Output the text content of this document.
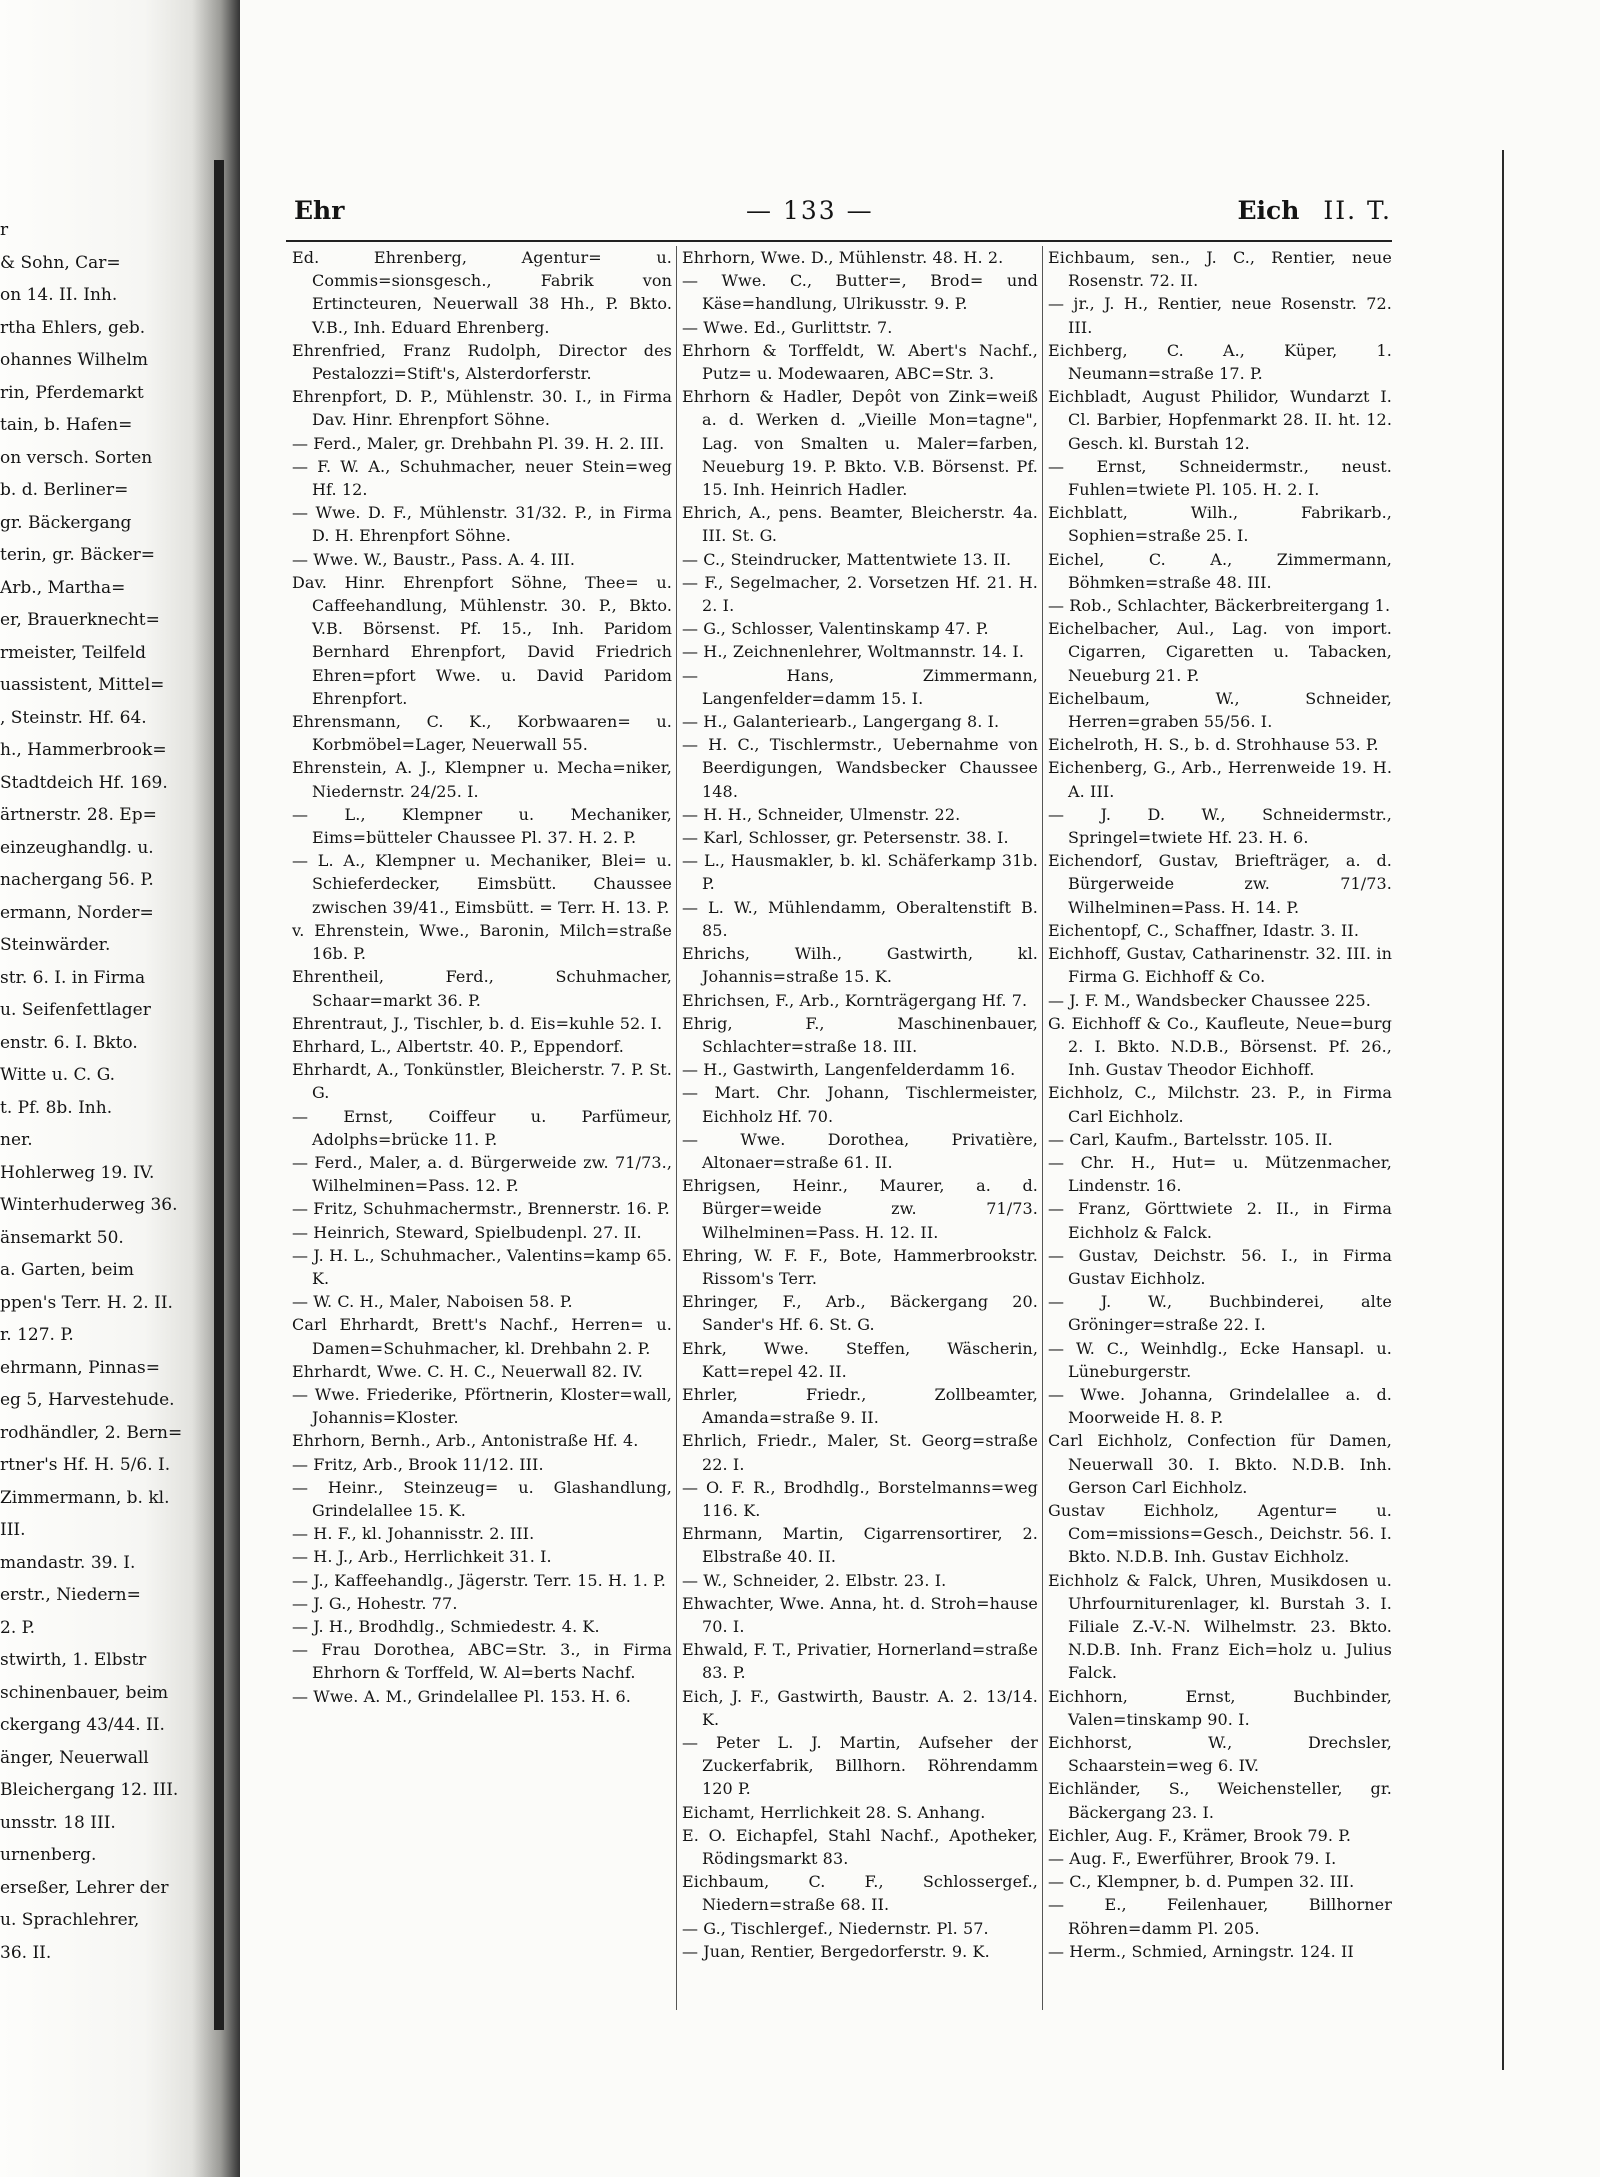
r
& Sohn, Car=
on 14. II. Inh.
rtha Ehlers, geb.
ohannes Wilhelm
rin, Pferdemarkt
tain, b. Hafen=
on versch. Sorten
b. d. Berliner=
gr. Bäckergang
terin, gr. Bäcker=
Arb., Martha=
er, Brauerknecht=
rmeister, Teilfeld
uassistent, Mittel=
, Steinstr. Hf. 64.
h., Hammerbrook=
Stadtdeich Hf. 169.
ärtnerstr. 28. Ep=
einzeughandlg. u.
nachergang 56. P.
ermann, Norder=
Steinwärder.
str. 6. I. in Firma
u. Seifenfettlager
enstr. 6. I. Bkto.
Witte u. C. G.
t. Pf. 8b. Inh.
ner.
Hohlerweg 19. IV.
Winterhuderweg 36.
änsemarkt 50.
a. Garten, beim
ppen's Terr. H. 2. II.
r. 127. P.
ehrmann, Pinnas=
eg 5, Harvestehude.
rodhändler, 2. Bern=
rtner's Hf. H. 5/6. I.
Zimmermann, b. kl.
III.
mandastr. 39. I.
erstr., Niedern=
2. P.
stwirth, 1. Elbstr
schinenbauer, beim
ckergang 43/44. II.
änger, Neuerwall
Bleichergang 12. III.
unsstr. 18 III.
urnenberg.
erseßer, Lehrer der
u. Sprachlehrer,
36. II.
Ehr	— 133 —	Eich II. T.

Ed. Ehrenberg, Agentur= u. Commis=sionsgesch., Fabrik von Ertincteuren, Neuerwall 38 Hh., P. Bkto. V.B., Inh. Eduard Ehrenberg.

Ehrenfried, Franz Rudolph, Director des Pestalozzi=Stift's, Alsterdorferstr.

Ehrenpfort, D. P., Mühlenstr. 30. I., in Firma Dav. Hinr. Ehrenpfort Söhne.

— Ferd., Maler, gr. Drehbahn Pl. 39. H. 2. III.

— F. W. A., Schuhmacher, neuer Stein=weg Hf. 12.

— Wwe. D. F., Mühlenstr. 31/32. P., in Firma D. H. Ehrenpfort Söhne.

— Wwe. W., Baustr., Pass. A. 4. III.

Dav. Hinr. Ehrenpfort Söhne, Thee= u. Caffeehandlung, Mühlenstr. 30. P., Bkto. V.B. Börsenst. Pf. 15., Inh. Paridom Bernhard Ehrenpfort, David Friedrich Ehren=pfort Wwe. u. David Paridom Ehrenpfort.

Ehrensmann, C. K., Korbwaaren= u. Korbmöbel=Lager, Neuerwall 55.

Ehrenstein, A. J., Klempner u. Mecha=niker, Niedernstr. 24/25. I.

— L., Klempner u. Mechaniker, Eims=bütteler Chaussee Pl. 37. H. 2. P.

— L. A., Klempner u. Mechaniker, Blei= u. Schieferdecker, Eimsbütt. Chaussee zwischen 39/41., Eimsbütt. = Terr. H. 13. P.

v. Ehrenstein, Wwe., Baronin, Milch=straße 16b. P.

Ehrentheil, Ferd., Schuhmacher, Schaar=markt 36. P.

Ehrentraut, J., Tischler, b. d. Eis=kuhle 52. I.

Ehrhard, L., Albertstr. 40. P., Eppendorf.

Ehrhardt, A., Tonkünstler, Bleicherstr. 7. P. St. G.

— Ernst, Coiffeur u. Parfümeur, Adolphs=brücke 11. P.

— Ferd., Maler, a. d. Bürgerweide zw. 71/73., Wilhelminen=Pass. 12. P.

— Fritz, Schuhmachermstr., Brennerstr. 16. P.

— Heinrich, Steward, Spielbudenpl. 27. II.

— J. H. L., Schuhmacher., Valentins=kamp 65. K.

— W. C. H., Maler, Naboisen 58. P.

Carl Ehrhardt, Brett's Nachf., Herren= u. Damen=Schuhmacher, kl. Drehbahn 2. P.

Ehrhardt, Wwe. C. H. C., Neuerwall 82. IV.

— Wwe. Friederike, Pförtnerin, Kloster=wall, Johannis=Kloster.

Ehrhorn, Bernh., Arb., Antonistraße Hf. 4.

— Fritz, Arb., Brook 11/12. III.

— Heinr., Steinzeug= u. Glashandlung, Grindelallee 15. K.

— H. F., kl. Johannisstr. 2. III.

— H. J., Arb., Herrlichkeit 31. I.

— J., Kaffeehandlg., Jägerstr. Terr. 15. H. 1. P.

— J. G., Hohestr. 77.

— J. H., Brodhdlg., Schmiedestr. 4. K.

— Frau Dorothea, ABC=Str. 3., in Firma Ehrhorn & Torffeld, W. Al=berts Nachf.

— Wwe. A. M., Grindelallee Pl. 153. H. 6.

Ehrhorn, Wwe. D., Mühlenstr. 48. H. 2.

— Wwe. C., Butter=, Brod= und Käse=handlung, Ulrikusstr. 9. P.

— Wwe. Ed., Gurlittstr. 7.

Ehrhorn & Torffeldt, W. Abert's Nachf., Putz= u. Modewaaren, ABC=Str. 3.

Ehrhorn & Hadler, Depôt von Zink=weiß a. d. Werken d. „Vieille Mon=tagne", Lag. von Smalten u. Maler=farben, Neueburg 19. P. Bkto. V.B. Börsenst. Pf. 15. Inh. Heinrich Hadler.

Ehrich, A., pens. Beamter, Bleicherstr. 4a. III. St. G.

— C., Steindrucker, Mattentwiete 13. II.

— F., Segelmacher, 2. Vorsetzen Hf. 21. H. 2. I.

— G., Schlosser, Valentinskamp 47. P.

— H., Zeichnenlehrer, Woltmannstr. 14. I.

— Hans, Zimmermann, Langenfelder=damm 15. I.

— H., Galanteriearb., Langergang 8. I.

— H. C., Tischlermstr., Uebernahme von Beerdigungen, Wandsbecker Chaussee 148.

— H. H., Schneider, Ulmenstr. 22.

— Karl, Schlosser, gr. Petersenstr. 38. I.

— L., Hausmakler, b. kl. Schäferkamp 31b. P.

— L. W., Mühlendamm, Oberaltenstift B. 85.

Ehrichs, Wilh., Gastwirth, kl. Johannis=straße 15. K.

Ehrichsen, F., Arb., Kornträgergang Hf. 7.

Ehrig, F., Maschinenbauer, Schlachter=straße 18. III.

— H., Gastwirth, Langenfelderdamm 16.

— Mart. Chr. Johann, Tischlermeister, Eichholz Hf. 70.

— Wwe. Dorothea, Privatière, Altonaer=straße 61. II.

Ehrigsen, Heinr., Maurer, a. d. Bürger=weide zw. 71/73. Wilhelminen=Pass. H. 12. II.

Ehring, W. F. F., Bote, Hammerbrookstr. Rissom's Terr.

Ehringer, F., Arb., Bäckergang 20. Sander's Hf. 6. St. G.

Ehrk, Wwe. Steffen, Wäscherin, Katt=repel 42. II.

Ehrler, Friedr., Zollbeamter, Amanda=straße 9. II.

Ehrlich, Friedr., Maler, St. Georg=straße 22. I.

— O. F. R., Brodhdlg., Borstelmanns=weg 116. K.

Ehrmann, Martin, Cigarrensortirer, 2. Elbstraße 40. II.

— W., Schneider, 2. Elbstr. 23. I.

Ehwachter, Wwe. Anna, ht. d. Stroh=hause 70. I.

Ehwald, F. T., Privatier, Hornerland=straße 83. P.

Eich, J. F., Gastwirth, Baustr. A. 2. 13/14. K.

— Peter L. J. Martin, Aufseher der Zuckerfabrik, Billhorn. Röhrendamm 120 P.

Eichamt, Herrlichkeit 28. S. Anhang.

E. O. Eichapfel, Stahl Nachf., Apotheker, Rödingsmarkt 83.

Eichbaum, C. F., Schlossergef., Niedern=straße 68. II.

— G., Tischlergef., Niedernstr. Pl. 57.

— Juan, Rentier, Bergedorferstr. 9. K.

Eichbaum, sen., J. C., Rentier, neue Rosenstr. 72. II.

— jr., J. H., Rentier, neue Rosenstr. 72. III.

Eichberg, C. A., Küper, 1. Neumann=straße 17. P.

Eichbladt, August Philidor, Wundarzt I. Cl. Barbier, Hopfenmarkt 28. II. ht. 12. Gesch. kl. Burstah 12.

— Ernst, Schneidermstr., neust. Fuhlen=twiete Pl. 105. H. 2. I.

Eichblatt, Wilh., Fabrikarb., Sophien=straße 25. I.

Eichel, C. A., Zimmermann, Böhmken=straße 48. III.

— Rob., Schlachter, Bäckerbreitergang 1.

Eichelbacher, Aul., Lag. von import. Cigarren, Cigaretten u. Tabacken, Neueburg 21. P.

Eichelbaum, W., Schneider, Herren=graben 55/56. I.

Eichelroth, H. S., b. d. Strohhause 53. P.

Eichenberg, G., Arb., Herrenweide 19. H. A. III.

— J. D. W., Schneidermstr., Springel=twiete Hf. 23. H. 6.

Eichendorf, Gustav, Briefträger, a. d. Bürgerweide zw. 71/73. Wilhelminen=Pass. H. 14. P.

Eichentopf, C., Schaffner, Idastr. 3. II.

Eichhoff, Gustav, Catharinenstr. 32. III. in Firma G. Eichhoff & Co.

— J. F. M., Wandsbecker Chaussee 225.

G. Eichhoff & Co., Kaufleute, Neue=burg 2. I. Bkto. N.D.B., Börsenst. Pf. 26., Inh. Gustav Theodor Eichhoff.

Eichholz, C., Milchstr. 23. P., in Firma Carl Eichholz.

— Carl, Kaufm., Bartelsstr. 105. II.

— Chr. H., Hut= u. Mützenmacher, Lindenstr. 16.

— Franz, Görttwiete 2. II., in Firma Eichholz & Falck.

— Gustav, Deichstr. 56. I., in Firma Gustav Eichholz.

— J. W., Buchbinderei, alte Gröninger=straße 22. I.

— W. C., Weinhdlg., Ecke Hansapl. u. Lüneburgerstr.

— Wwe. Johanna, Grindelallee a. d. Moorweide H. 8. P.

Carl Eichholz, Confection für Damen, Neuerwall 30. I. Bkto. N.D.B. Inh. Gerson Carl Eichholz.

Gustav Eichholz, Agentur= u. Com=missions=Gesch., Deichstr. 56. I. Bkto. N.D.B. Inh. Gustav Eichholz.

Eichholz & Falck, Uhren, Musikdosen u. Uhrfourniturenlager, kl. Burstah 3. I. Filiale Z.-V.-N. Wilhelmstr. 23. Bkto. N.D.B. Inh. Franz Eich=holz u. Julius Falck.

Eichhorn, Ernst, Buchbinder, Valen=tinskamp 90. I.

Eichhorst, W., Drechsler, Schaarstein=weg 6. IV.

Eichländer, S., Weichensteller, gr. Bäckergang 23. I.

Eichler, Aug. F., Krämer, Brook 79. P.

— Aug. F., Ewerführer, Brook 79. I.

— C., Klempner, b. d. Pumpen 32. III.

— E., Feilenhauer, Billhorner Röhren=damm Pl. 205.

— Herm., Schmied, Arningstr. 124. II
